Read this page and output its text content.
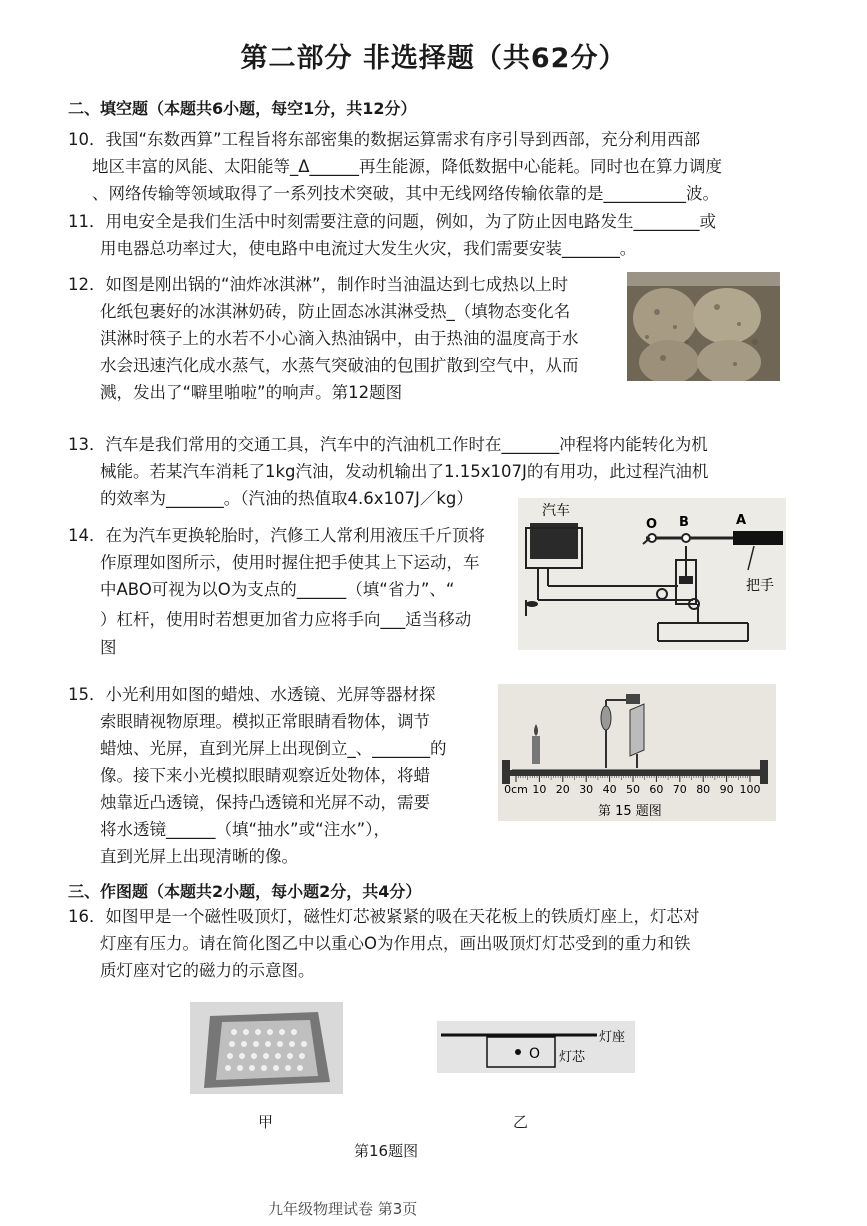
第二部分 非选择题（共62分）
二、填空题（本题共6小题，每空1分，共12分）
10．我国“东数西算”工程旨将东部密集的数据运算需求有序引导到西部，充分利用西部
地区丰富的风能、太阳能等_Δ______再生能源，降低数据中心能耗。同时也在算力调度
、网络传输等领域取得了一系列技术突破，其中无线网络传输依靠的是__________波。
11．用电安全是我们生活中时刻需要注意的问题，例如，为了防止因电路发生________或
用电器总功率过大，使电路中电流过大发生火灾，我们需要安装_______。
12．如图是刚出锅的“油炸冰淇淋”，制作时当油温达到七成热以上时
化纸包裹好的冰淇淋奶砖，防止固态冰淇淋受热_（填物态变化名
淇淋时筷子上的水若不小心滴入热油锅中，由于热油的温度高于水
水会迅速汽化成水蒸气，水蒸气突破油的包围扩散到空气中，从而
溅，发出了“噼里啪啦”的响声。第12题图
13．汽车是我们常用的交通工具，汽车中的汽油机工作时在_______冲程将内能转化为机
械能。若某汽车消耗了1kg汽油，发动机输出了1.15x107J的有用功，此过程汽油机
的效率为_______。（汽油的热值取4.6x107J／kg）
14．在为汽车更换轮胎时，汽修工人常利用液压千斤顶将
作原理如图所示，使用时握住把手使其上下运动，车
中ABO可视为以O为支点的______（填“省力”、“
）杠杆，使用时若想更加省力应将手向___适当移动
图
汽车
O B	A
把手
15．小光利用如图的蜡烛、水透镜、光屏等器材探
索眼睛视物原理。模拟正常眼睛看物体，调节
蜡烛、光屏，直到光屏上出现倒立_、_______的
像。接下来小光模拟眼睛观察近处物体，将蜡
烛靠近凸透镜，保持凸透镜和光屏不动，需要
将水透镜______（填“抽水”或“注水”），
直到光屏上出现清晰的像。
0cm 10 20 30 40 50 60 70 80 90 100
第 15 题图
三、作图题（本题共2小题，每小题2分，共4分）
16．如图甲是一个磁性吸顶灯，磁性灯芯被紧紧的吸在天花板上的铁质灯座上，灯芯对
灯座有压力。请在简化图乙中以重心O为作用点，画出吸顶灯灯芯受到的重力和铁
质灯座对它的磁力的示意图。
O
灯座
灯芯
甲	乙
第16题图
九年级物理试卷 第3页
